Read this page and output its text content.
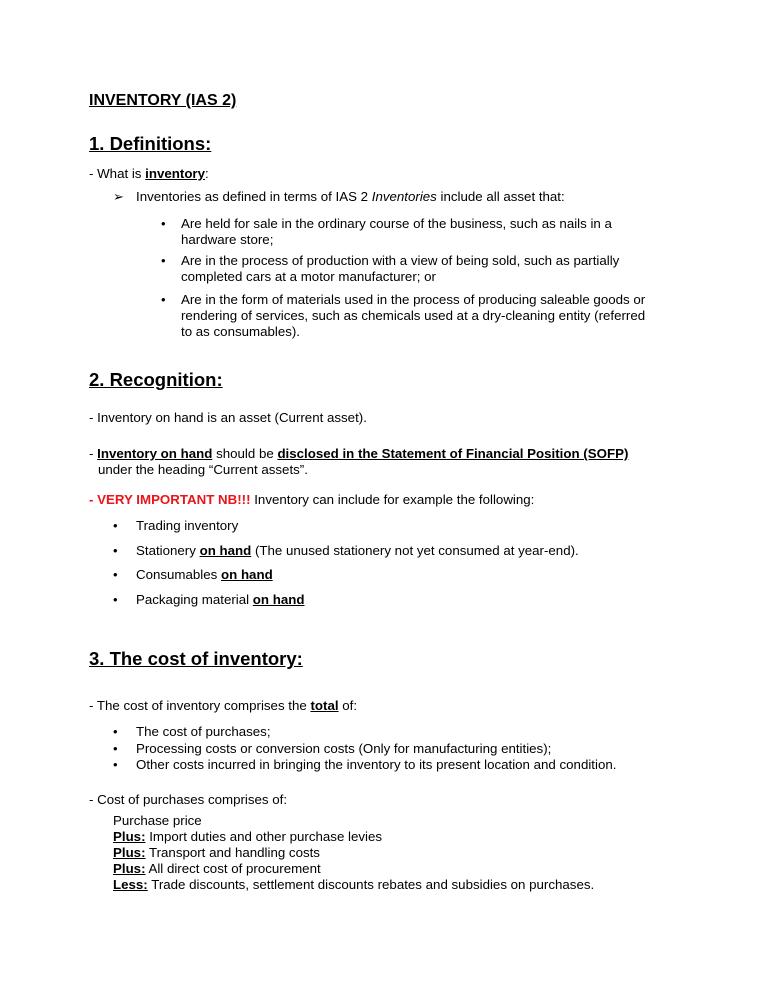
INVENTORY (IAS 2)
1. Definitions:
- What is inventory:
➢ Inventories as defined in terms of IAS 2 Inventories include all asset that:
• Are held for sale in the ordinary course of the business, such as nails in a
hardware store;
• Are in the process of production with a view of being sold, such as partially
completed cars at a motor manufacturer; or
• Are in the form of materials used in the process of producing saleable goods or
rendering of services, such as chemicals used at a dry-cleaning entity (referred
to as consumables).
2. Recognition:
- Inventory on hand is an asset (Current asset).
- Inventory on hand should be disclosed in the Statement of Financial Position (SOFP)
under the heading “Current assets”.
- VERY IMPORTANT NB!!! Inventory can include for example the following:
• Trading inventory
• Stationery on hand (The unused stationery not yet consumed at year-end).
• Consumables on hand
• Packaging material on hand
3. The cost of inventory:
- The cost of inventory comprises the total of:
• The cost of purchases;
• Processing costs or conversion costs (Only for manufacturing entities);
• Other costs incurred in bringing the inventory to its present location and condition.
- Cost of purchases comprises of:
Purchase price
Plus: Import duties and other purchase levies
Plus: Transport and handling costs
Plus: All direct cost of procurement
Less: Trade discounts, settlement discounts rebates and subsidies on purchases.
